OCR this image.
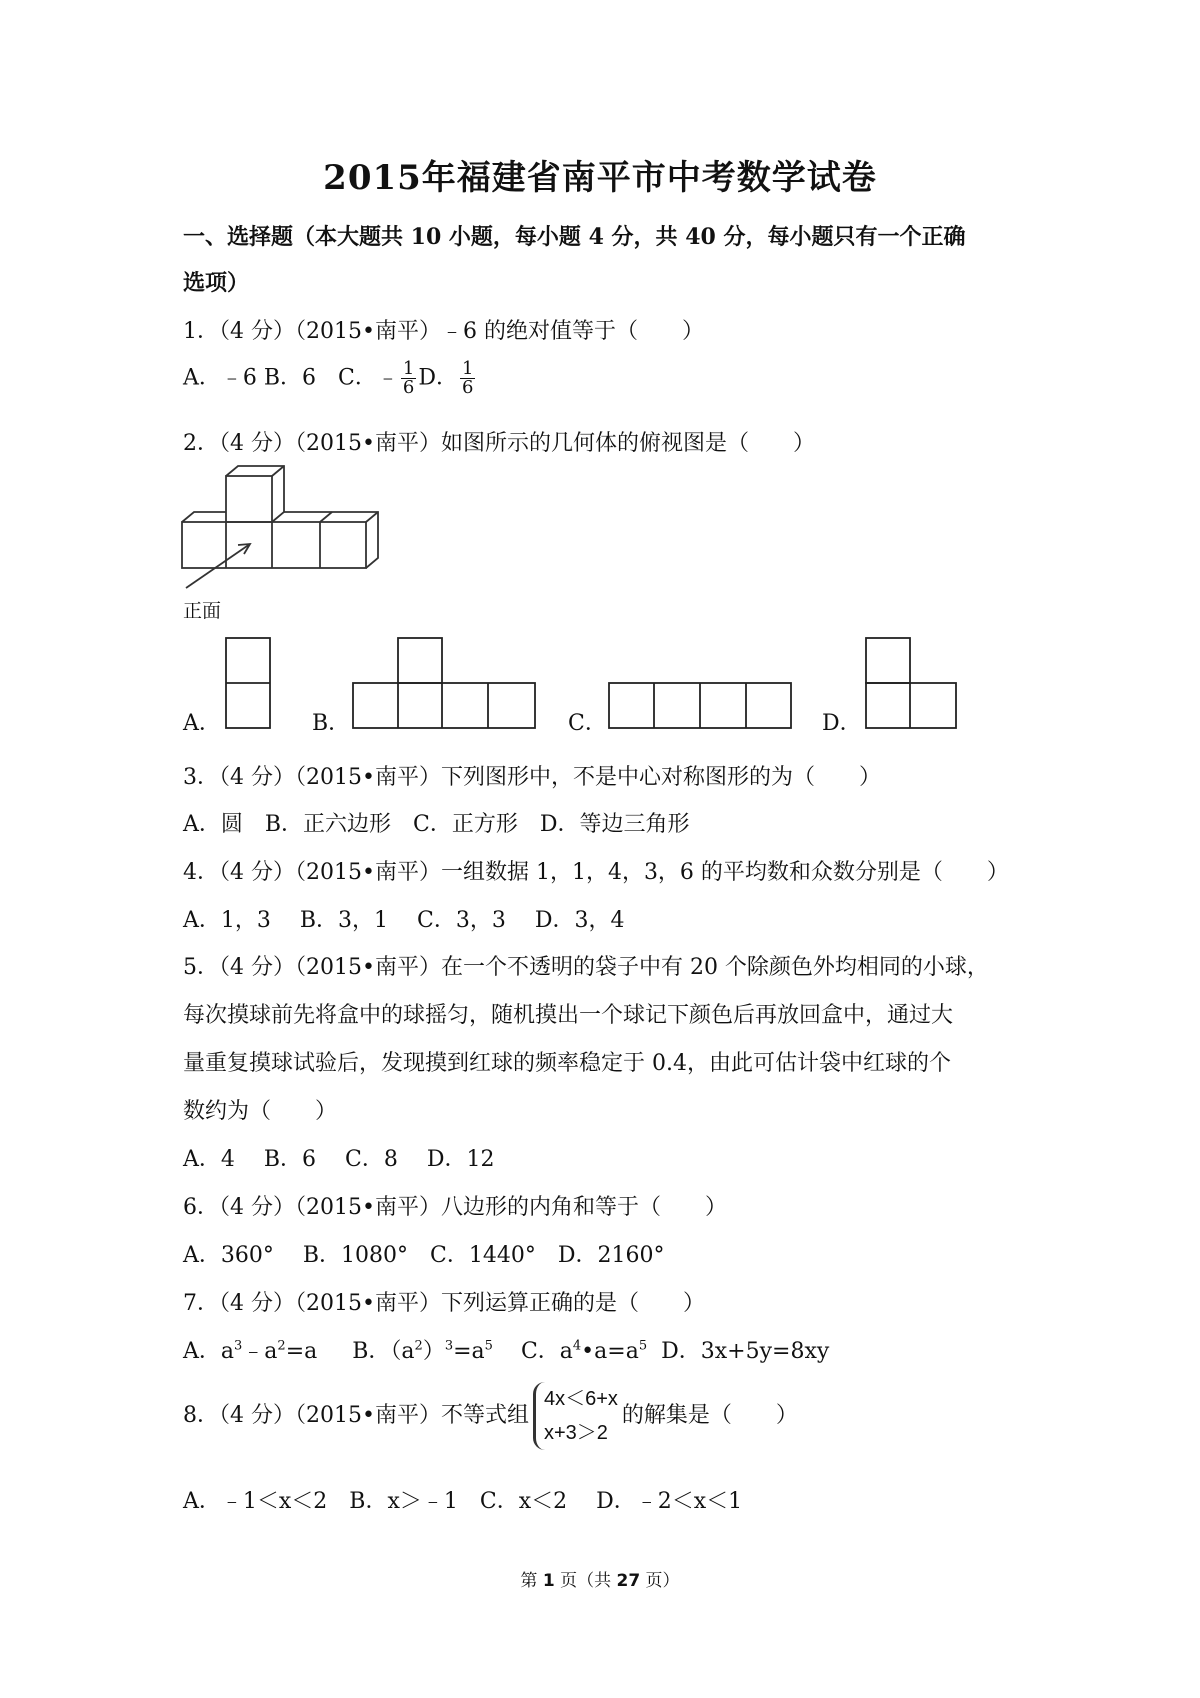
2015年福建省南平市中考数学试卷
一、选择题（本大题共 10 小题，每小题 4 分，共 40 分，每小题只有一个正确
选项）
1．（4 分）（2015•南平）﹣6 的绝对值等于（　　）
A．﹣6 B．6　C．﹣ $\frac{1}{6}$ D． $\frac{1}{6}$
2．（4 分）（2015•南平）如图所示的几何体的俯视图是（　　）
正面
A．	B．	C．	D．
3．（4 分）（2015•南平）下列图形中，不是中心对称图形的为（　　）
A．圆　B．正六边形　C．正方形　D．等边三角形
4．（4 分）（2015•南平）一组数据 1，1，4，3，6 的平均数和众数分别是（　　）
A．1，3　 B．3，1　 C．3，3　 D．3，4
5．（4 分）（2015•南平）在一个不透明的袋子中有 20 个除颜色外均相同的小球，
每次摸球前先将盒中的球摇匀，随机摸出一个球记下颜色后再放回盒中，通过大
量重复摸球试验后，发现摸到红球的频率稳定于 0.4，由此可估计袋中红球的个
数约为（　　）
A．4　 B．6　 C．8　 D．12
6．（4 分）（2015•南平）八边形的内角和等于（　　）
A．360°　 B．1080°　C．1440°　D．2160°
7．（4 分）（2015•南平）下列运算正确的是（　　）
A．$a^3﹣a^2=a$ B．$(a^2)^3=a^5$ C．$a^4•a=a^5$ D．3x+5y=8xy
8．（4 分）（2015•南平）不等式组
4x＜6+x
x+3＞2
的解集是（　　）
A．﹣1＜x＜2　B．x＞﹣1　C．x＜2　 D．﹣2＜x＜1
第 1 页（共 27 页）
